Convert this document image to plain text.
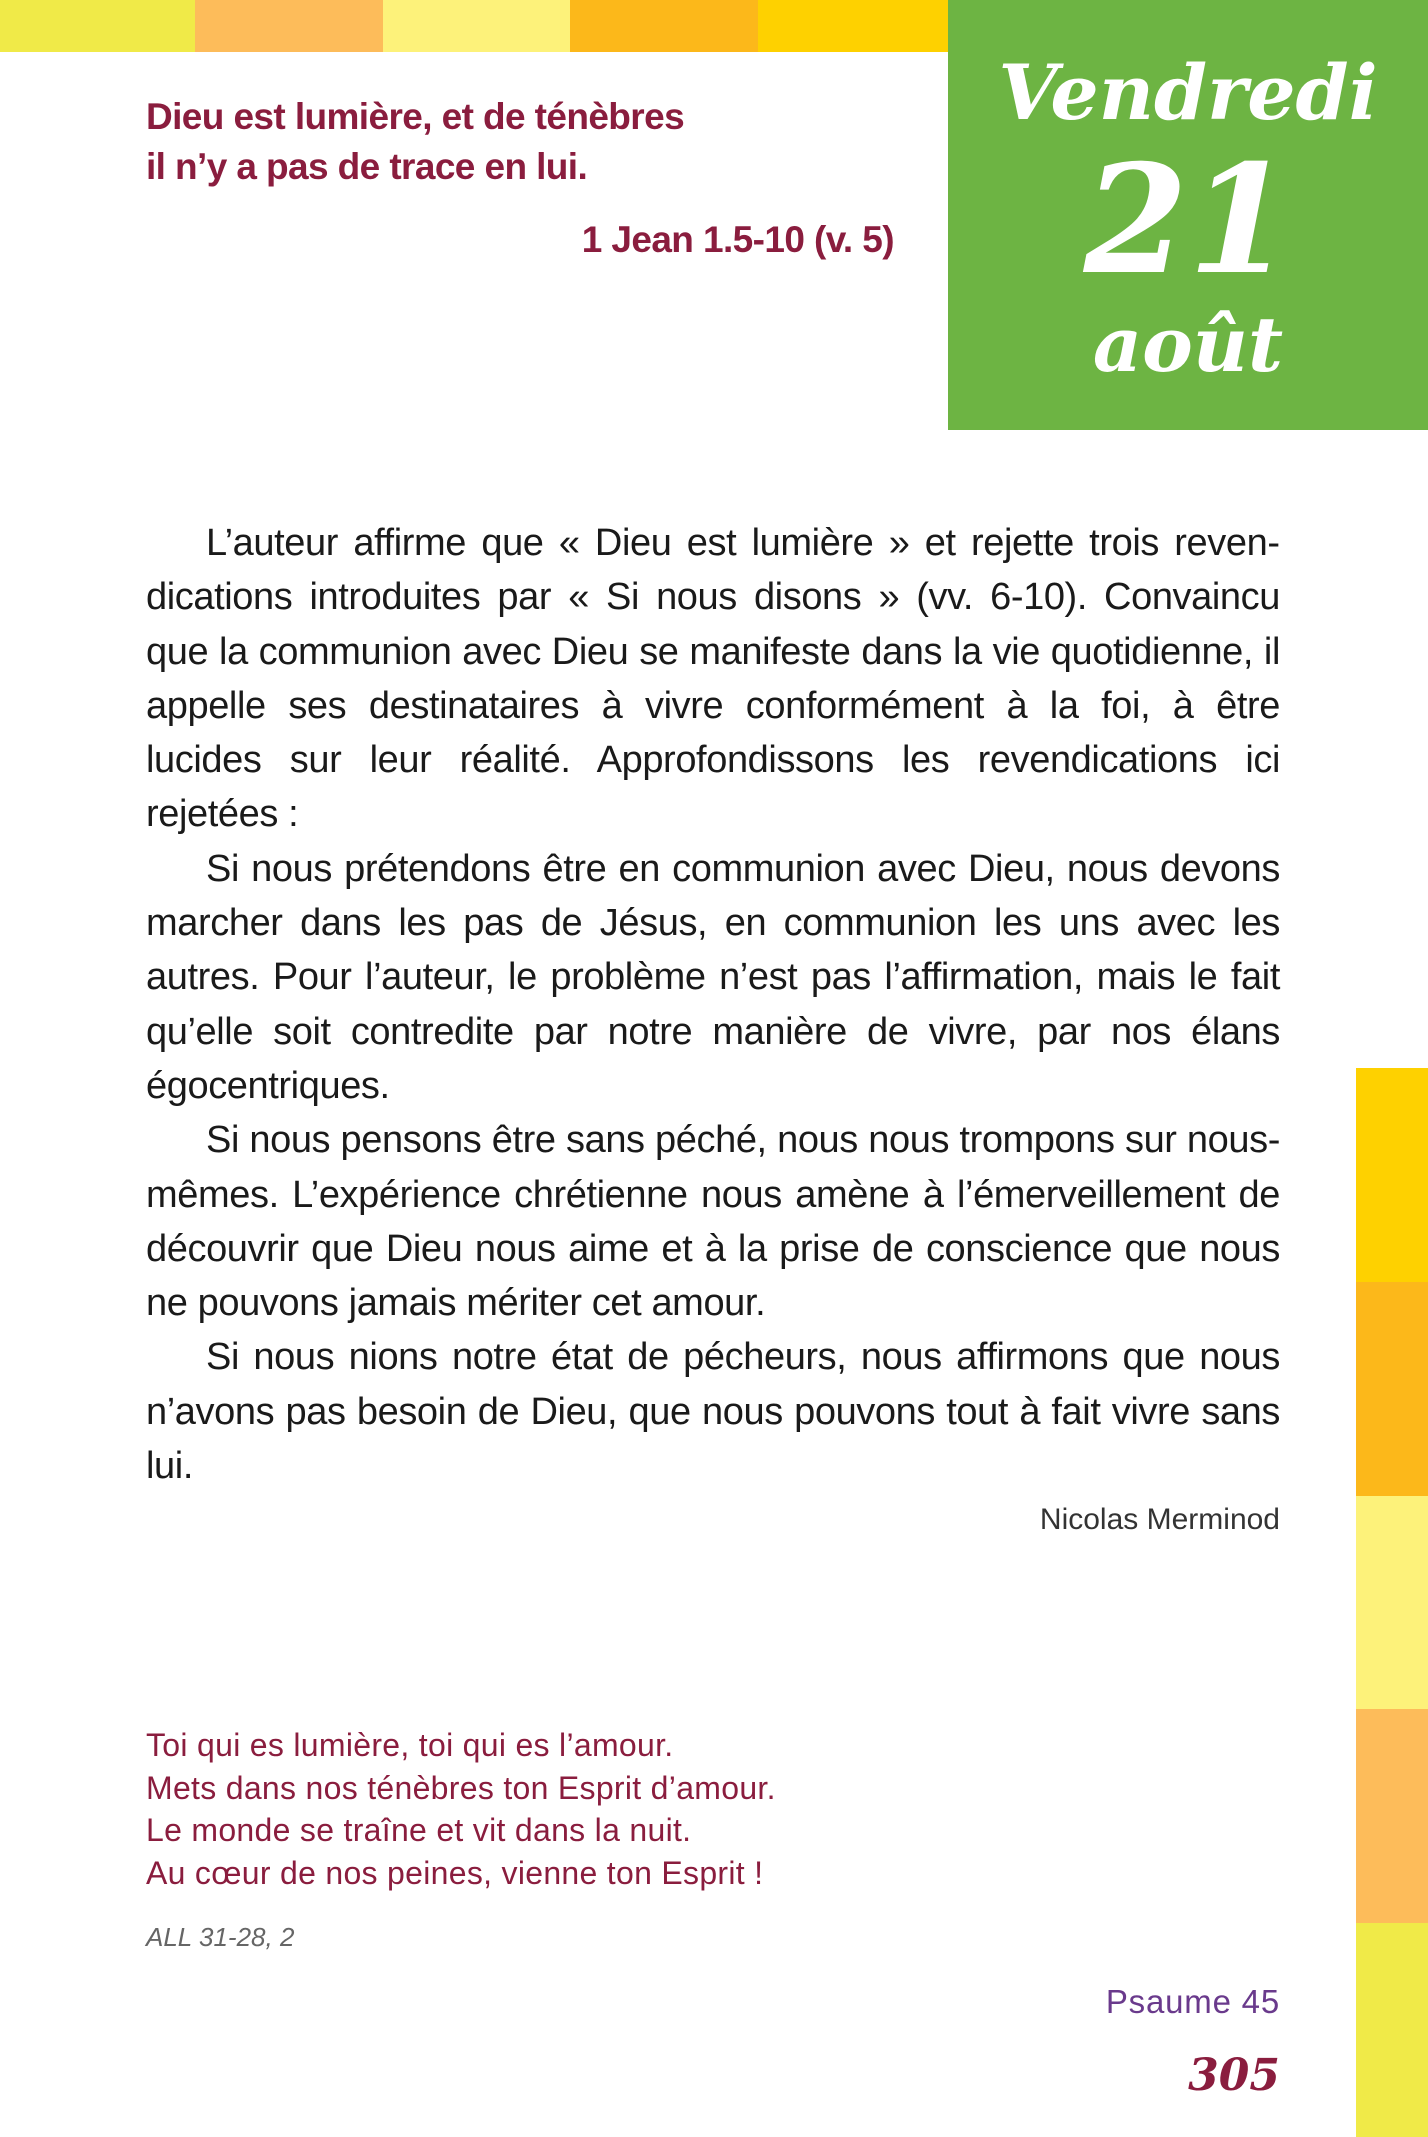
Vendredi
21
août

Dieu est lumière, et de ténèbres

il n’y a pas de trace en lui.

1 Jean 1.5-10 (v. 5)

L’auteur affirme que « Dieu est lumière » et rejette trois revendications introduites par « Si nous disons » (vv. 6-10). Convaincu que la communion avec Dieu se manifeste dans la vie quotidienne, il appelle ses destinataires à vivre conformément à la foi, à être lucides sur leur réalité. Approfondissons les revendications ici rejetées :

Si nous prétendons être en communion avec Dieu, nous devons marcher dans les pas de Jésus, en communion les uns avec les autres. Pour l’auteur, le problème n’est pas l’affirmation, mais le fait qu’elle soit contredite par notre manière de vivre, par nos élans égocentriques.

Si nous pensons être sans péché, nous nous trompons sur nous-mêmes. L’expérience chrétienne nous amène à l’émerveillement de découvrir que Dieu nous aime et à la prise de conscience que nous ne pouvons jamais mériter cet amour.

Si nous nions notre état de pécheurs, nous affirmons que nous n’avons pas besoin de Dieu, que nous pouvons tout à fait vivre sans lui.

Nicolas Merminod
Toi qui es lumière, toi qui es l’amour.
Mets dans nos ténèbres ton Esprit d’amour.
Le monde se traîne et vit dans la nuit.
Au cœur de nos peines, vienne ton Esprit !
ALL 31-28, 2
Psaume 45
305
